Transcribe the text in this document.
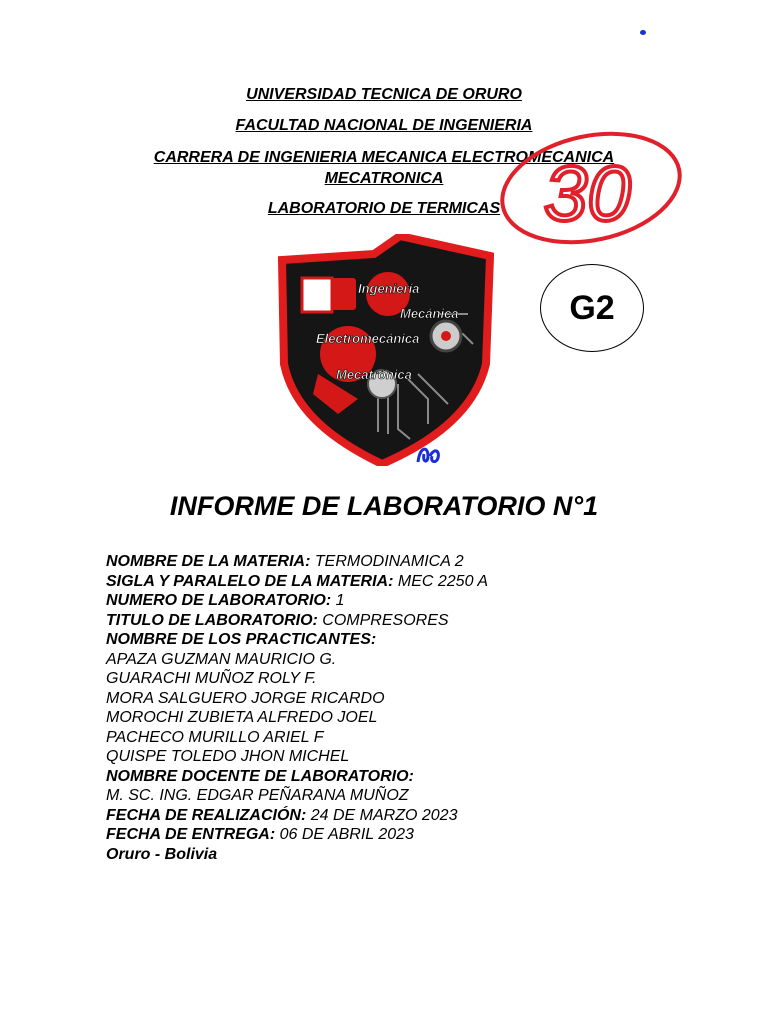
UNIVERSIDAD TECNICA DE ORURO
FACULTAD NACIONAL DE INGENIERIA
CARRERA DE INGENIERIA MECANICA ELECTROMECANICA
MECATRONICA
LABORATORIO DE TERMICAS 30
G2
Ingeniería
Mecánica
Electromecánica
Mecatrónica
INFORME DE LABORATORIO N°1
NOMBRE DE LA MATERIA: TERMODINAMICA 2
SIGLA Y PARALELO DE LA MATERIA: MEC 2250 A
NUMERO DE LABORATORIO: 1
TITULO DE LABORATORIO: COMPRESORES
NOMBRE DE LOS PRACTICANTES:
APAZA GUZMAN MAURICIO G.
GUARACHI MUÑOZ ROLY F.
MORA SALGUERO JORGE RICARDO
MOROCHI ZUBIETA ALFREDO JOEL
PACHECO MURILLO ARIEL F
QUISPE TOLEDO JHON MICHEL
NOMBRE DOCENTE DE LABORATORIO:
M. SC. ING. EDGAR PEÑARANA MUÑOZ
FECHA DE REALIZACIÓN: 24 DE MARZO 2023
FECHA DE ENTREGA: 06 DE ABRIL 2023
Oruro - Bolivia
